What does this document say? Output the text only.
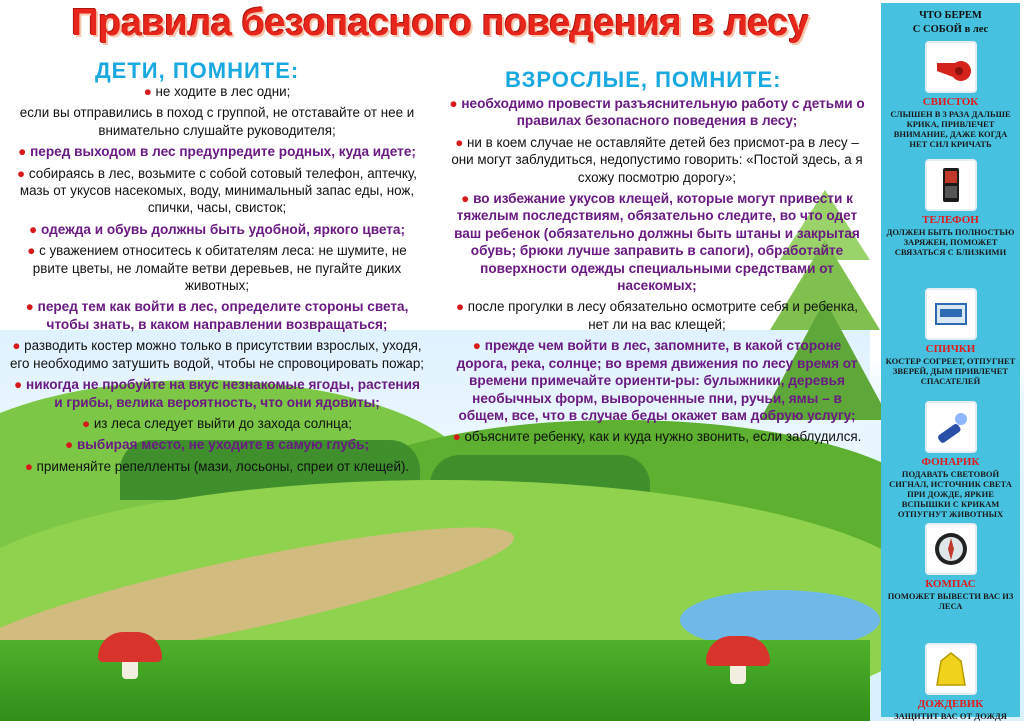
Правила безопасного поведения в лесу
ДЕТИ, ПОМНИТЕ:	ВЗРОСЛЫЕ, ПОМНИТЕ:

● не ходите в лес одни;

если вы отправились в поход с группой, не отставайте от нее и внимательно слушайте руководителя;

● перед выходом в лес предупредите родных, куда идете;

● собираясь в лес, возьмите с собой сотовый телефон, аптечку, мазь от укусов насекомых, воду, минимальный запас еды, нож, спички, часы, свисток;

● одежда и обувь должны быть удобной, яркого цвета;

● с уважением относитесь к обитателям леса: не шумите, не рвите цветы, не ломайте ветви деревьев, не пугайте диких животных;

● перед тем как войти в лес, определите стороны света, чтобы знать, в каком направлении возвращаться;

● разводить костер можно только в присутствии взрослых, уходя, его необходимо затушить водой, чтобы не спровоцировать пожар;

● никогда не пробуйте на вкус незнакомые ягоды, растения и грибы, велика вероятность, что они ядовиты;

● из леса следует выйти до захода солнца;

● выбирая место, не уходите в самую глубь;

● применяйте репелленты (мази, лосьоны, спреи от клещей).

● необходимо провести разъяснительную работу с детьми о правилах безопасного поведения в лесу;

● ни в коем случае не оставляйте детей без присмот-ра в лесу – они могут заблудиться, недопустимо говорить: «Постой здесь, а я схожу посмотрю дорогу»;

● во избежание укусов клещей, которые могут привести к тяжелым последствиям, обязательно следите, во что одет ваш ребенок (обязательно должны быть штаны и закрытая обувь; брюки лучше заправить в сапоги), обработайте поверхности одежды специальными средствами от насекомых;

● после прогулки в лесу обязательно осмотрите себя и ребенка, нет ли на вас клещей;

● прежде чем войти в лес, запомните, в какой стороне дорога, река, солнце; во время движения по лесу время от времени примечайте ориенти-ры: булыжники, деревья необычных форм, вывороченные пни, ручьи, ямы – в общем, все, что в случае беды окажет вам добрую услугу;

● объясните ребенку, как и куда нужно звонить, если заблудился.

ЧТО БЕРЕМ
С СОБОЙ в лес
СВИСТОК
СЛЫШЕН В 3 РАЗА ДАЛЬШЕ КРИКА, ПРИВЛЕЧЕТ ВНИМАНИЕ, ДАЖЕ КОГДА НЕТ СИЛ КРИЧАТЬ
ТЕЛЕФОН
ДОЛЖЕН БЫТЬ ПОЛНОСТЬЮ ЗАРЯЖЕН, ПОМОЖЕТ СВЯЗАТЬСЯ С БЛИЗКИМИ
СПИЧКИ
КОСТЕР СОГРЕЕТ, ОТПУГНЕТ ЗВЕРЕЙ, ДЫМ ПРИВЛЕЧЕТ СПАСАТЕЛЕЙ
ФОНАРИК
ПОДАВАТЬ СВЕТОВОЙ СИГНАЛ, ИСТОЧНИК СВЕТА ПРИ ДОЖДЕ, ЯРКИЕ ВСПЫШКИ С КРИКАМ ОТПУГНУТ ЖИВОТНЫХ
КОМПАС
ПОМОЖЕТ ВЫВЕСТИ ВАС ИЗ ЛЕСА
ДОЖДЕВИК
ЗАЩИТИТ ВАС ОТ ДОЖДЯ
